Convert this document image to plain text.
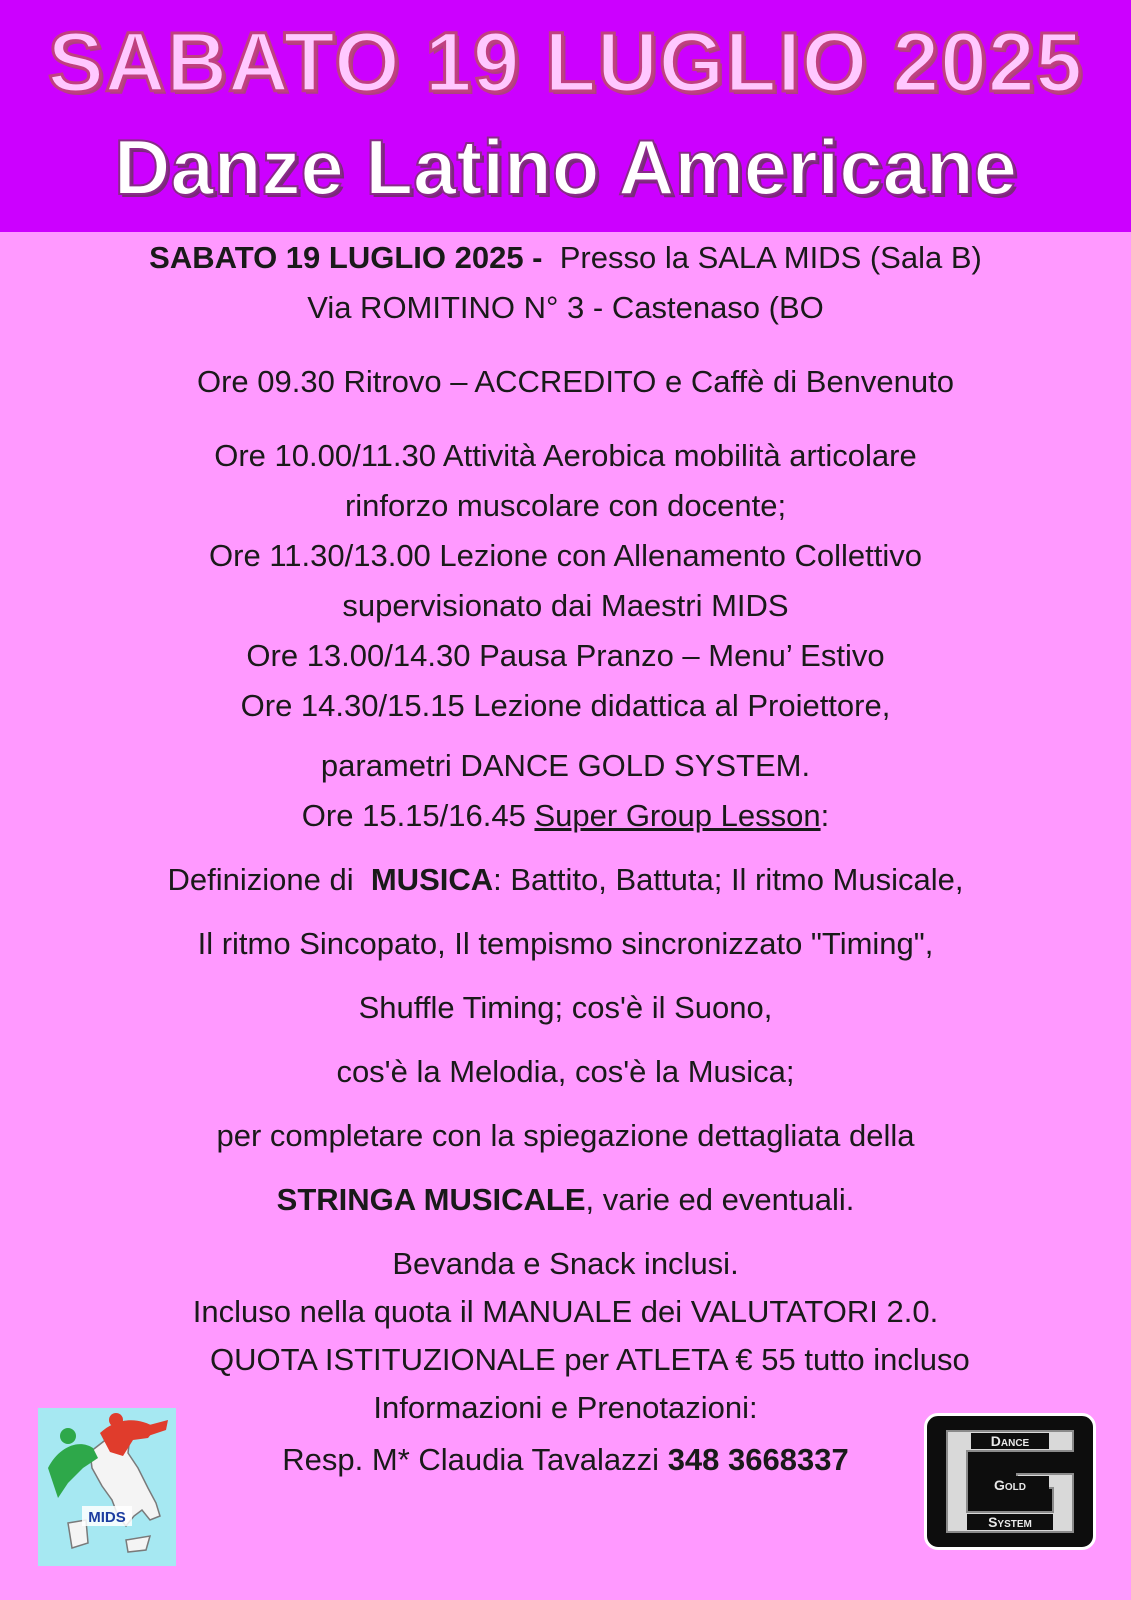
SABATO 19 LUGLIO 2025
Danze Latino Americane
SABATO 19 LUGLIO 2025 - Presso la SALA MIDS (Sala B)
Via ROMITINO N° 3 - Castenaso (BO
Ore 09.30 Ritrovo – ACCREDITO e Caffè di Benvenuto
Ore 10.00/11.30 Attività Aerobica mobilità articolare
rinforzo muscolare con docente;
Ore 11.30/13.00 Lezione con Allenamento Collettivo
supervisionato dai Maestri MIDS
Ore 13.00/14.30 Pausa Pranzo – Menu’ Estivo
Ore 14.30/15.15 Lezione didattica al Proiettore,
parametri DANCE GOLD SYSTEM.
Ore 15.15/16.45 Super Group Lesson:
Definizione di MUSICA: Battito, Battuta; Il ritmo Musicale,
Il ritmo Sincopato, Il tempismo sincronizzato "Timing",
Shuffle Timing; cos'è il Suono,
cos'è la Melodia, cos'è la Musica;
per completare con la spiegazione dettagliata della
STRINGA MUSICALE, varie ed eventuali.
Bevanda e Snack inclusi.
Incluso nella quota il MANUALE dei VALUTATORI 2.0.
QUOTA ISTITUZIONALE per ATLETA € 55 tutto incluso
Informazioni e Prenotazioni:
Resp. M* Claudia Tavalazzi 348 3668337
MIDS
Dance
Gold
System
